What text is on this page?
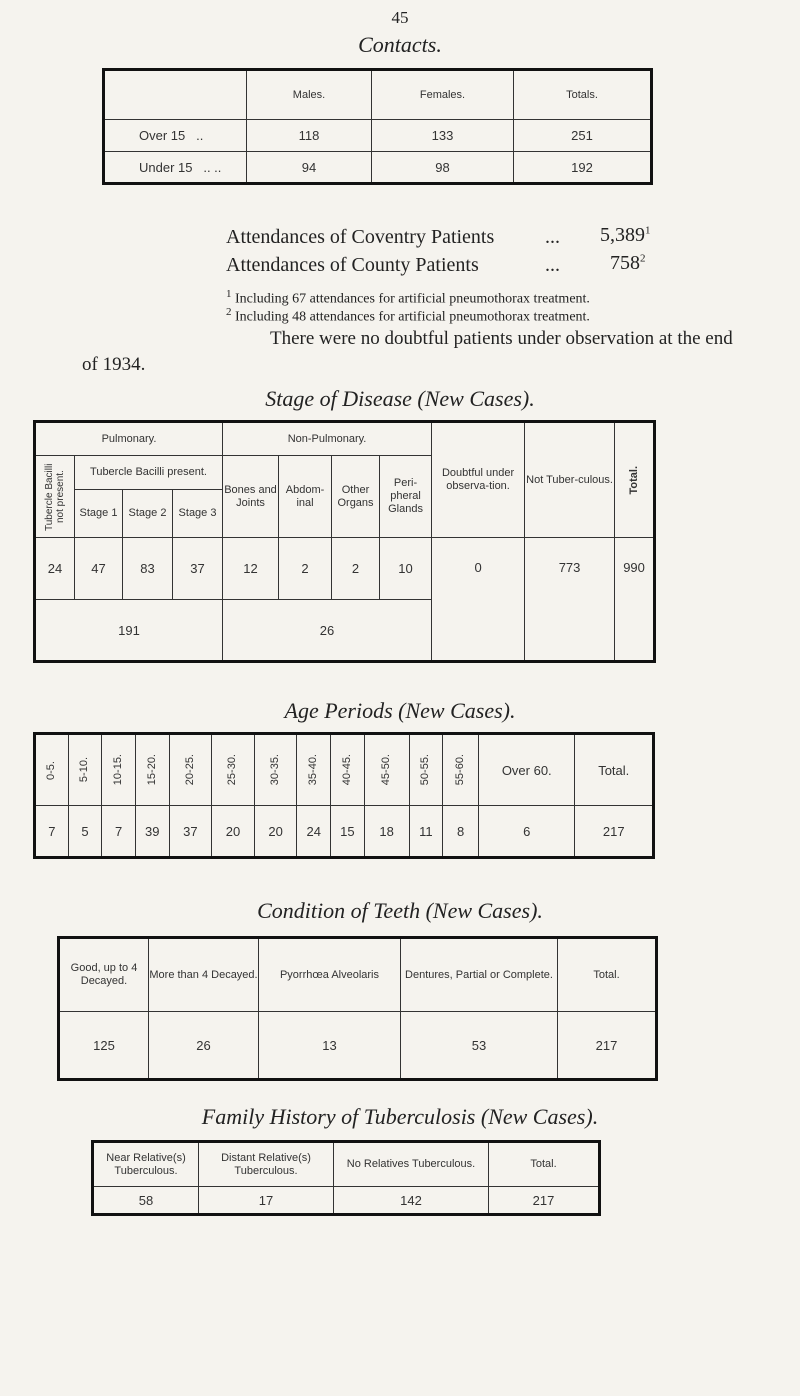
45
Contacts.
	Males.	Females.	Totals.
Over 15 ..	118	133	251
Under 15 .. ..	94	98	192
Attendances of Coventry Patients	... 5,389$^1$
Attendances of County Patients	...	$758^2$
$^1$ Including 67 attendances for artificial pneumothorax treatment.
$^2$ Including 48 attendances for artificial pneumothorax treatment.
There were no doubtful patients under observation at the end
of 1934.
Stage of Disease (New Cases).
Pulmonary.				Non-Pulmonary.				Doubtful under observa-tion.	Not Tuber-culous.	Total.

Tubercle Bacilli not present.	Tubercle Bacilli present.			Bones and Joints	Abdom-inal	Other Organs	Peri-pheral Glands			
	Stage 1	Stage 2	Stage 3							
24	47	83	37	12	2	2	10	0	773	990
191				26						
Age Periods (New Cases).
0-5.	5-10.	10-15.	15-20.	20-25.	25-30.	30-35.	35-40.	40-45.	45-50.	50-55.	55-60.	Over 60.	Total.
7	5	7	39	37	20	20	24	15	18	11	8	6	217
Condition of Teeth (New Cases).
Good, up to 4 Decayed.	More than 4 Decayed.	Pyorrhœa Alveolaris	Dentures, Partial or Complete.	Total.
125	26	13	53	217
Family History of Tuberculosis (New Cases).
Near Relative(s) Tuberculous.	Distant Relative(s) Tuberculous.	No Relatives Tuberculous.	Total.
58	17	142	217
